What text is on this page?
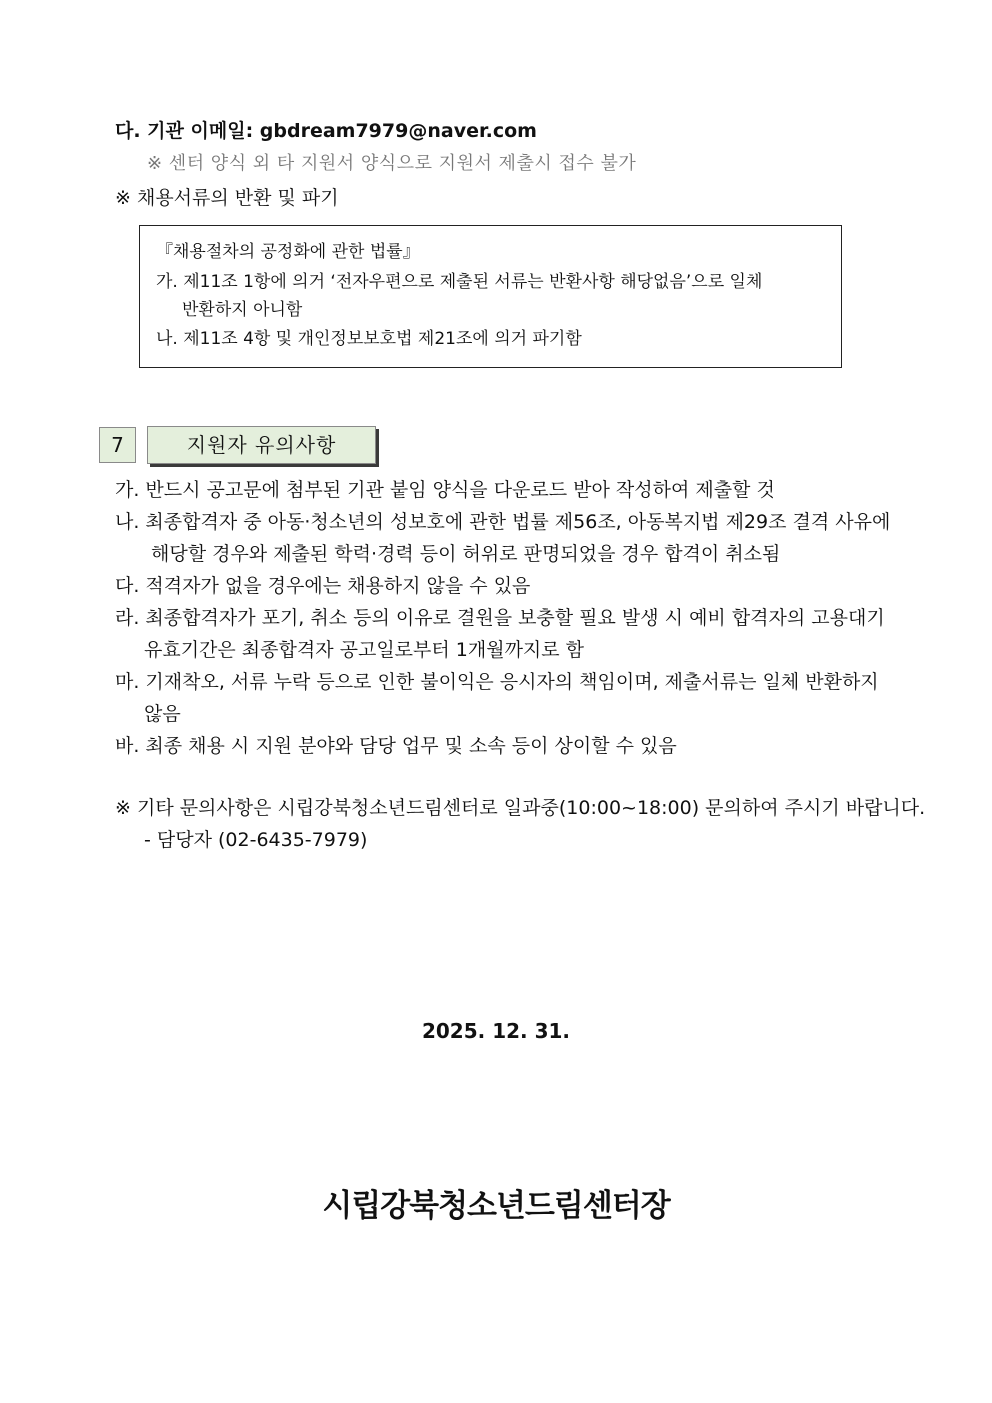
다. 기관 이메일: gbdream7979@naver.com
※ 센터 양식 외 타 지원서 양식으로 지원서 제출시 접수 불가
※ 채용서류의 반환 및 파기
『채용절차의 공정화에 관한 법률』
가. 제11조 1항에 의거 ‘전자우편으로 제출된 서류는 반환사항 해당없음’으로 일체
반환하지 아니함
나. 제11조 4항 및 개인정보보호법 제21조에 의거 파기함
7	지원자 유의사항
가. 반드시 공고문에 첨부된 기관 붙임 양식을 다운로드 받아 작성하여 제출할 것
나. 최종합격자 중 아동·청소년의 성보호에 관한 법률 제56조, 아동복지법 제29조 결격 사유에
해당할 경우와 제출된 학력·경력 등이 허위로 판명되었을 경우 합격이 취소됨
다. 적격자가 없을 경우에는 채용하지 않을 수 있음
라. 최종합격자가 포기, 취소 등의 이유로 결원을 보충할 필요 발생 시 예비 합격자의 고용대기
유효기간은 최종합격자 공고일로부터 1개월까지로 함
마. 기재착오, 서류 누락 등으로 인한 불이익은 응시자의 책임이며, 제출서류는 일체 반환하지
않음
바. 최종 채용 시 지원 분야와 담당 업무 및 소속 등이 상이할 수 있음
※ 기타 문의사항은 시립강북청소년드림센터로 일과중(10:00~18:00) 문의하여 주시기 바랍니다.
- 담당자 (02-6435-7979)
2025. 12. 31.
시립강북청소년드림센터장
